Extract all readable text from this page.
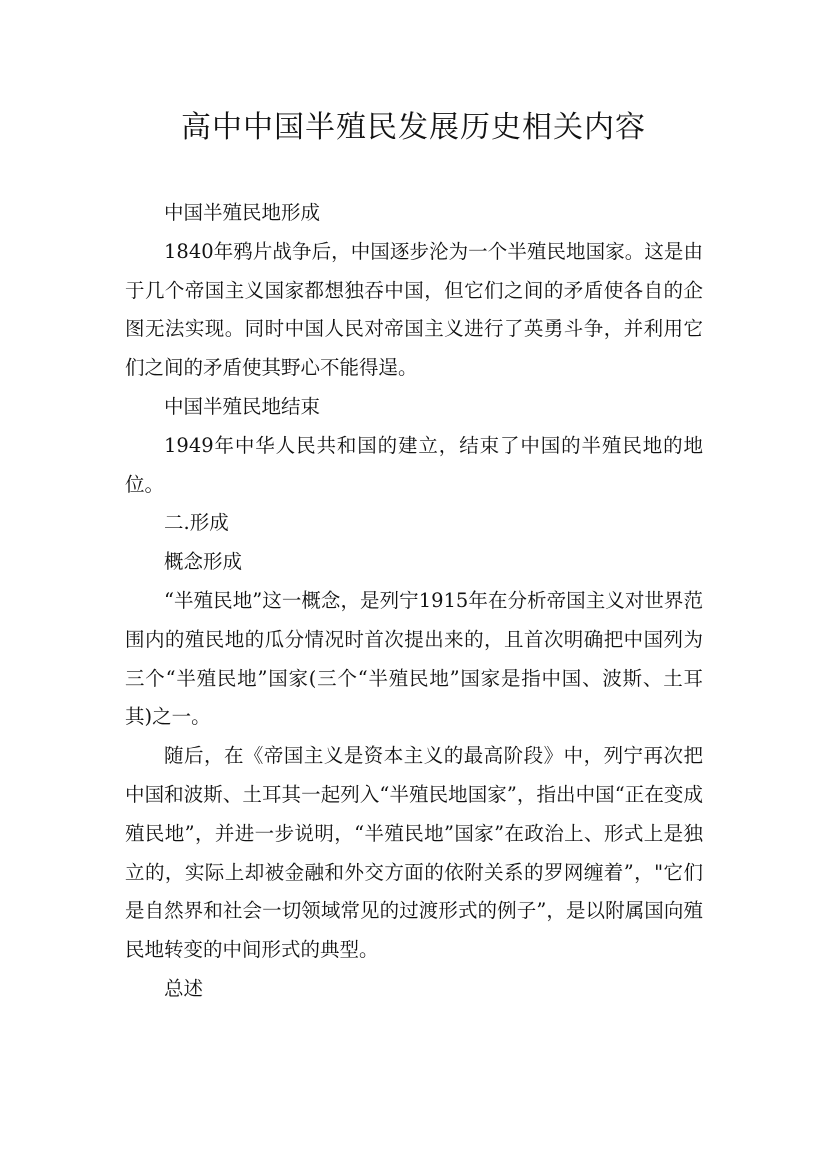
高中中国半殖民发展历史相关内容

中国半殖民地形成

1840年鸦片战争后，中国逐步沦为一个半殖民地国家。这是由于几个帝国主义国家都想独吞中国，但它们之间的矛盾使各自的企图无法实现。同时中国人民对帝国主义进行了英勇斗争，并利用它们之间的矛盾使其野心不能得逞。

中国半殖民地结束

1949年中华人民共和国的建立，结束了中国的半殖民地的地位。

二.形成

概念形成

“半殖民地”这一概念，是列宁1915年在分析帝国主义对世界范围内的殖民地的瓜分情况时首次提出来的，且首次明确把中国列为三个“半殖民地”国家(三个“半殖民地”国家是指中国、波斯、土耳其)之一。

随后，在《帝国主义是资本主义的最高阶段》中，列宁再次把中国和波斯、土耳其一起列入“半殖民地国家”，指出中国“正在变成殖民地”，并进一步说明，“半殖民地”国家”在政治上、形式上是独立的，实际上却被金融和外交方面的依附关系的罗网缠着”，"它们是自然界和社会一切领域常见的过渡形式的例子”，是以附属国向殖民地转变的中间形式的典型。

总述
